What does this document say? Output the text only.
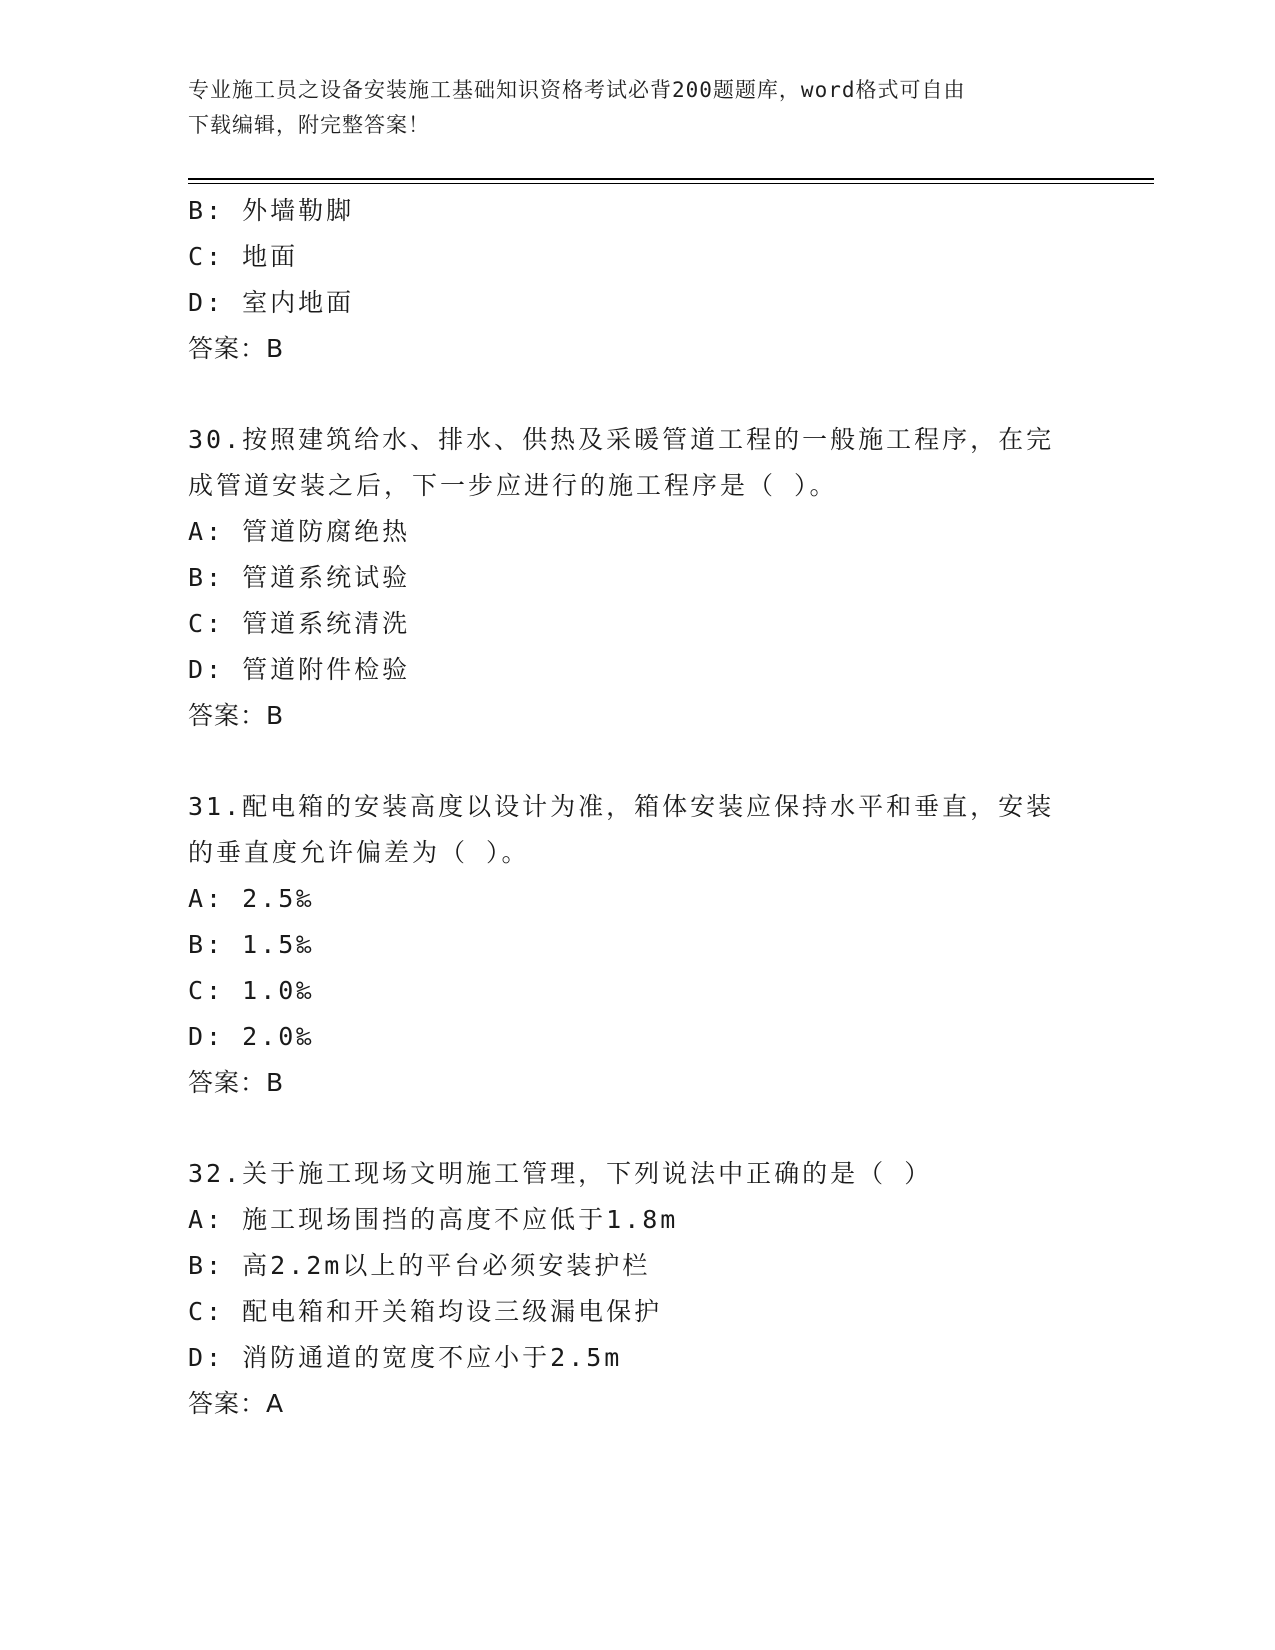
专业施工员之设备安装施工基础知识资格考试必背200题题库，word格式可自由
下载编辑，附完整答案！
B: 外墙勒脚
C: 地面
D: 室内地面
答案：B
30.按照建筑给水、排水、供热及采暖管道工程的一般施工程序，在完
成管道安装之后，下一步应进行的施工程序是（ ）。
A: 管道防腐绝热
B: 管道系统试验
C: 管道系统清洗
D: 管道附件检验
答案：B
31.配电箱的安装高度以设计为准，箱体安装应保持水平和垂直，安装
的垂直度允许偏差为（ ）。
A: 2.5‰
B: 1.5‰
C: 1.0‰
D: 2.0‰
答案：B
32.关于施工现场文明施工管理，下列说法中正确的是（ ）
A: 施工现场围挡的高度不应低于1.8m
B: 高2.2m以上的平台必须安装护栏
C: 配电箱和开关箱均设三级漏电保护
D: 消防通道的宽度不应小于2.5m
答案：A
